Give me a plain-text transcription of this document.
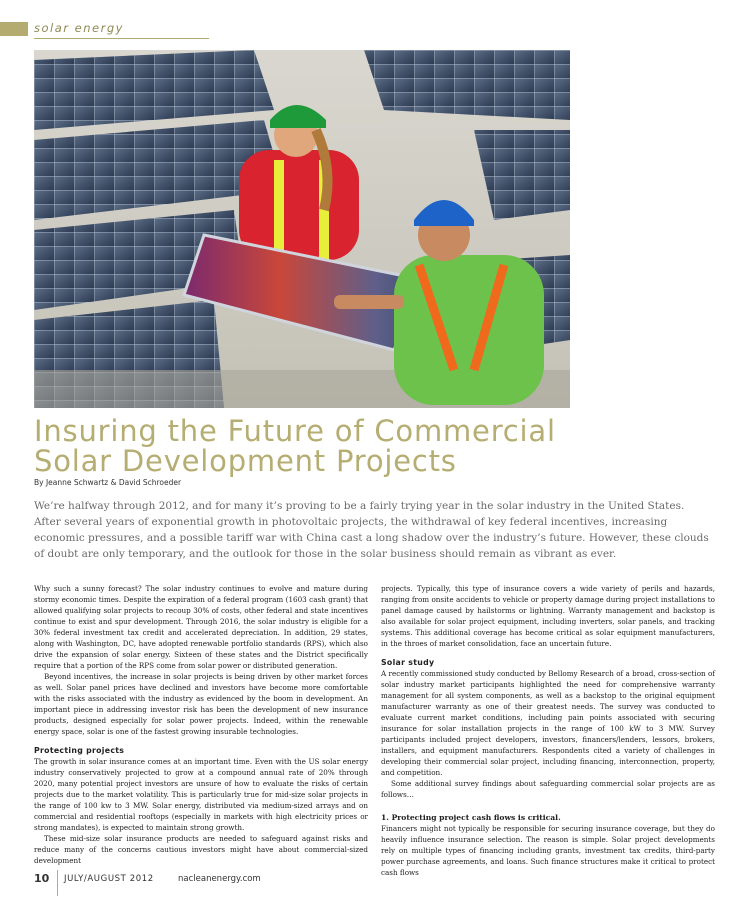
solar energy
Insuring the Future of Commercial
Solar Development Projects
By Jeanne Schwartz & David Schroeder

We’re halfway through 2012, and for many it’s proving to be a fairly trying year in the solar industry in the United States. After several years of exponential growth in photovoltaic projects, the withdrawal of key federal incentives, increasing economic pressures, and a possible tariff war with China cast a long shadow over the industry’s future. However, these clouds of doubt are only temporary, and the outlook for those in the solar business should remain as vibrant as ever.

Why such a sunny forecast? The solar industry continues to evolve and mature during stormy economic times. Despite the expiration of a federal program (1603 cash grant) that allowed qualifying solar projects to recoup 30% of costs, other federal and state incentives continue to exist and spur development. Through 2016, the solar industry is eligible for a 30% federal investment tax credit and accelerated depreciation. In addition, 29 states, along with Washington, DC, have adopted renewable portfolio standards (RPS), which also drive the expansion of solar energy. Sixteen of these states and the District specifically require that a portion of the RPS come from solar power or distributed generation.

Beyond incentives, the increase in solar projects is being driven by other market forces as well. Solar panel prices have declined and investors have become more comfortable with the risks associated with the industry as evidenced by the boom in development. An important piece in addressing investor risk has been the development of new insurance products, designed especially for solar power projects. Indeed, within the renewable energy space, solar is one of the fastest growing insurable technologies.

Protecting projects

The growth in solar insurance comes at an important time. Even with the US solar energy industry conservatively projected to grow at a compound annual rate of 20% through 2020, many potential project investors are unsure of how to evaluate the risks of certain projects due to the market volatility. This is particularly true for mid-size solar projects in the range of 100 kw to 3 MW. Solar energy, distributed via medium-sized arrays and on commercial and residential rooftops (especially in markets with high electricity prices or strong mandates), is expected to maintain strong growth.

These mid-size solar insurance products are needed to safeguard against risks and reduce many of the concerns cautious investors might have about commercial-sized development

projects. Typically, this type of insurance covers a wide variety of perils and hazards, ranging from onsite accidents to vehicle or property damage during project installations to panel damage caused by hailstorms or lightning. Warranty management and backstop is also available for solar project equipment, including inverters, solar panels, and tracking systems. This additional coverage has become critical as solar equipment manufacturers, in the throes of market consolidation, face an uncertain future.

Solar study

A recently commissioned study conducted by Bellomy Research of a broad, cross-section of solar industry market participants highlighted the need for comprehensive warranty management for all system components, as well as a backstop to the original equipment manufacturer warranty as one of their greatest needs. The survey was conducted to evaluate current market conditions, including pain points associated with securing insurance for solar installation projects in the range of 100 kW to 3 MW. Survey participants included project developers, investors, financers/lenders, lessors, brokers, installers, and equipment manufacturers. Respondents cited a variety of challenges in developing their commercial solar project, including financing, interconnection, property, and competition.

Some additional survey findings about safeguarding commercial solar projects are as follows…

1. Protecting project cash flows is critical.

Financers might not typically be responsible for securing insurance coverage, but they do heavily influence insurance selection. The reason is simple. Solar project developments rely on multiple types of financing including grants, investment tax credits, third-party power purchase agreements, and loans. Such finance structures make it critical to protect cash flows

10 JULY/AUGUST 2012	nacleanenergy.com
